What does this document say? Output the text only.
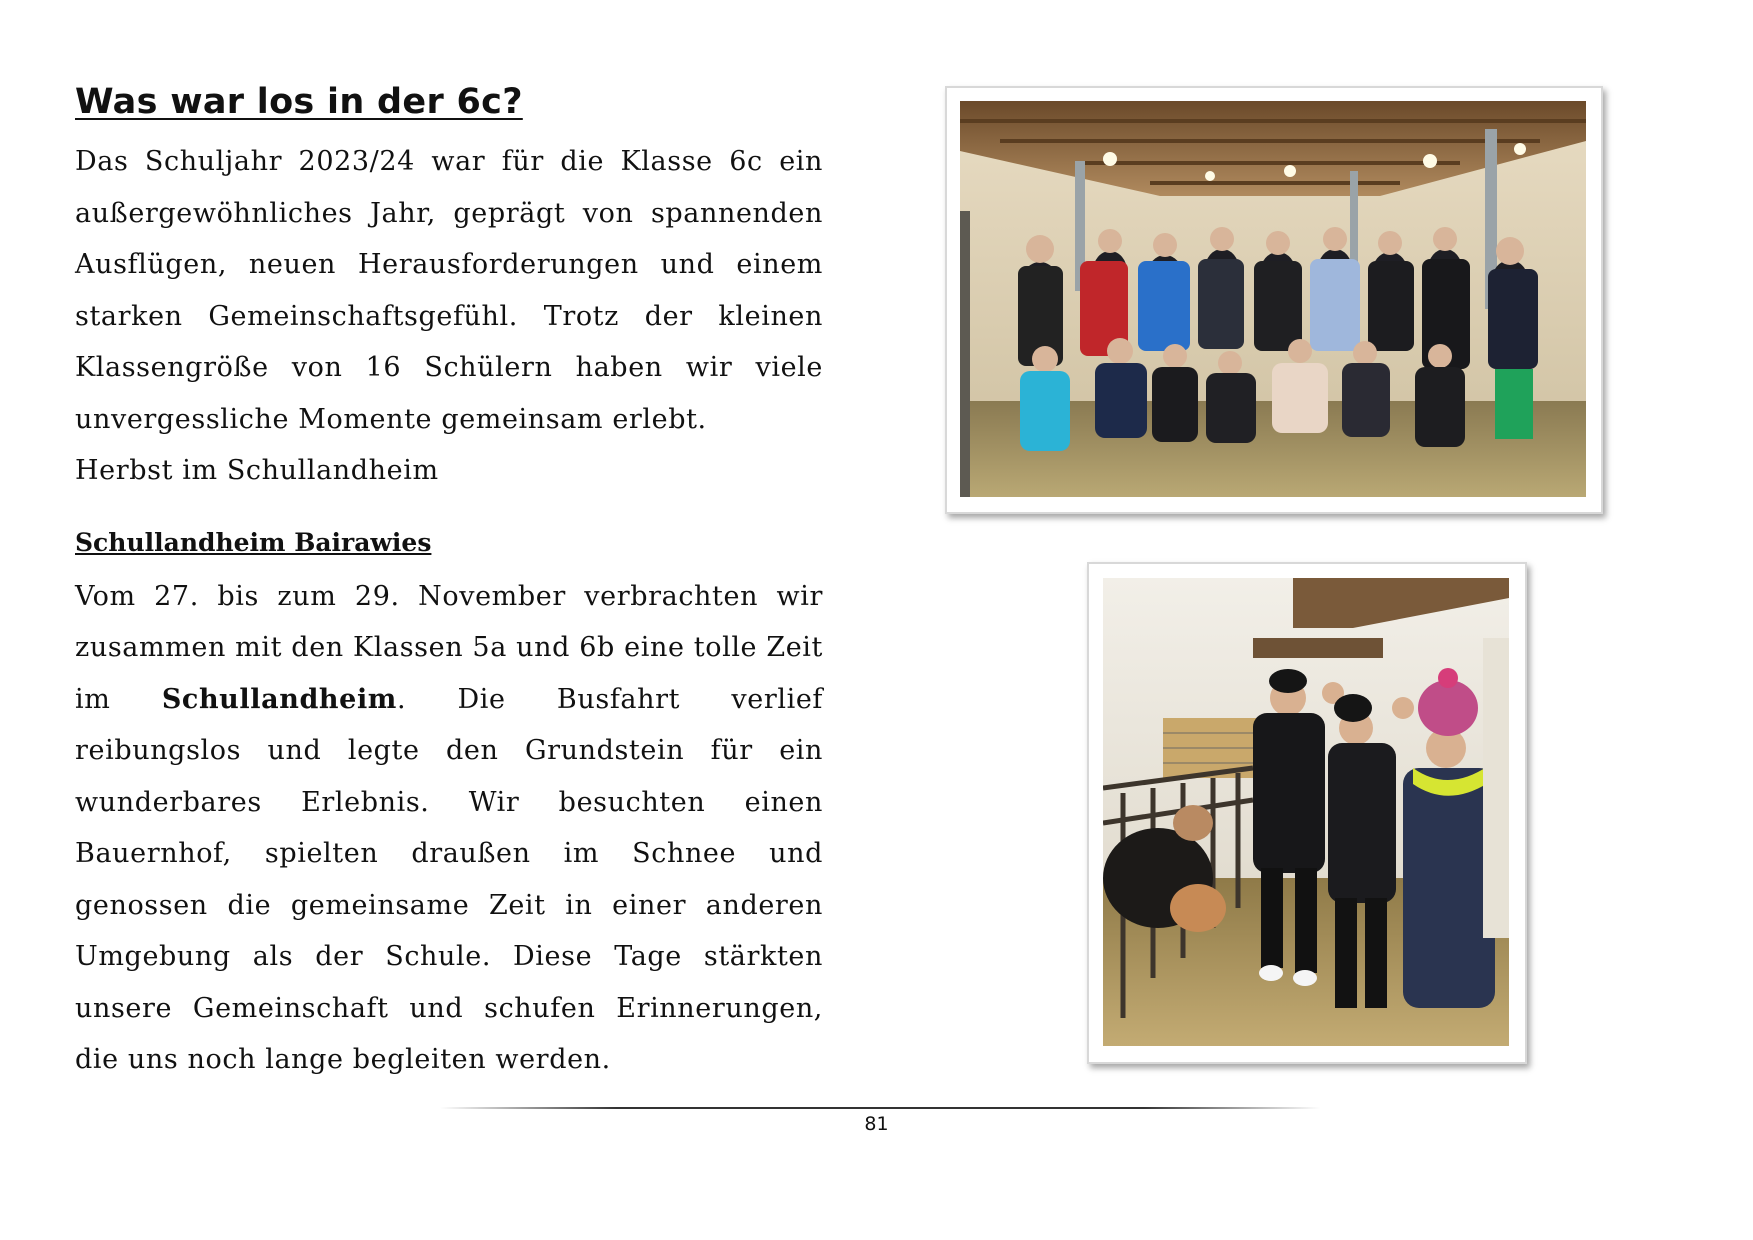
Was war los in der 6c?

Das Schuljahr 2023/24 war für die Klasse 6c ein außergewöhnliches Jahr, geprägt von spannenden Ausflügen, neuen Herausforderungen und einem starken Gemeinschaftsgefühl. Trotz der kleinen Klassengröße von 16 Schülern haben wir viele unvergessliche Momente gemeinsam erlebt.

Herbst im Schullandheim

Schullandheim Bairawies

Vom 27. bis zum 29. November verbrachten wir zusammen mit den Klassen 5a und 6b eine tolle Zeit im Schullandheim. Die Busfahrt verlief reibungslos und legte den Grundstein für ein wunderbares Erlebnis. Wir besuchten einen Bauernhof, spielten draußen im Schnee und genossen die gemeinsame Zeit in einer anderen Umgebung als der Schule. Diese Tage stärkten unsere Gemeinschaft und schufen Erinnerungen, die uns noch lange begleiten werden.

81
